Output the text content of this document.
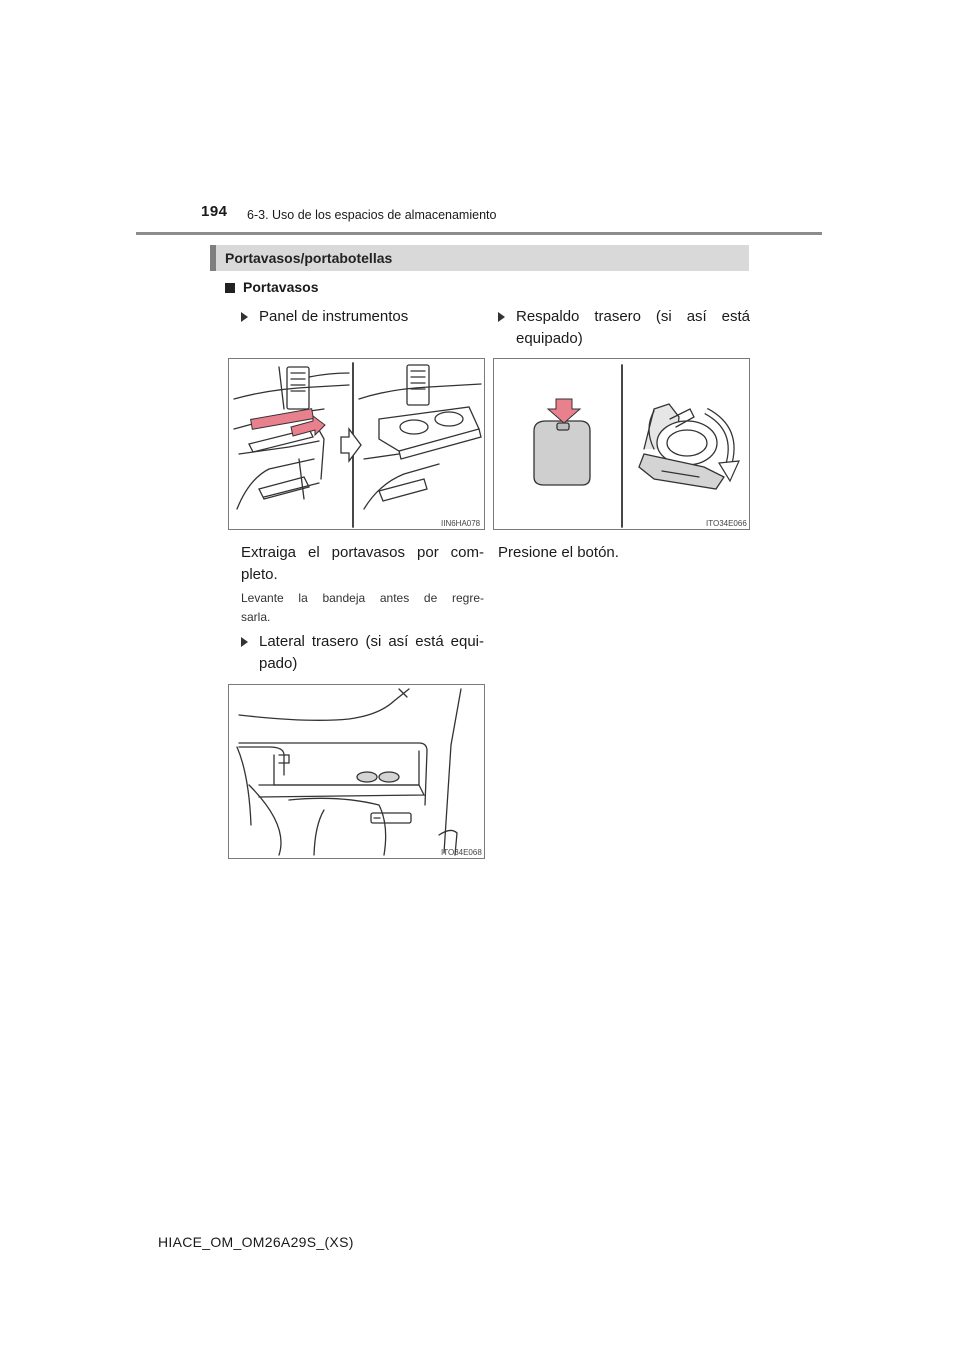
194 6-3. Uso de los espacios de almacenamiento
Portavasos/portabotellas
Portavasos
Panel de instrumentos	Respaldo trasero (si así está
equipado)
IIN6HA078	ITO34E066
Extraiga el portavasos por com-
pleto.
Levante la bandeja antes de regre-
sarla.
Presione el botón.
Lateral trasero (si así está equi-
pado)
ITO34E068
HIACE_OM_OM26A29S_(XS)
